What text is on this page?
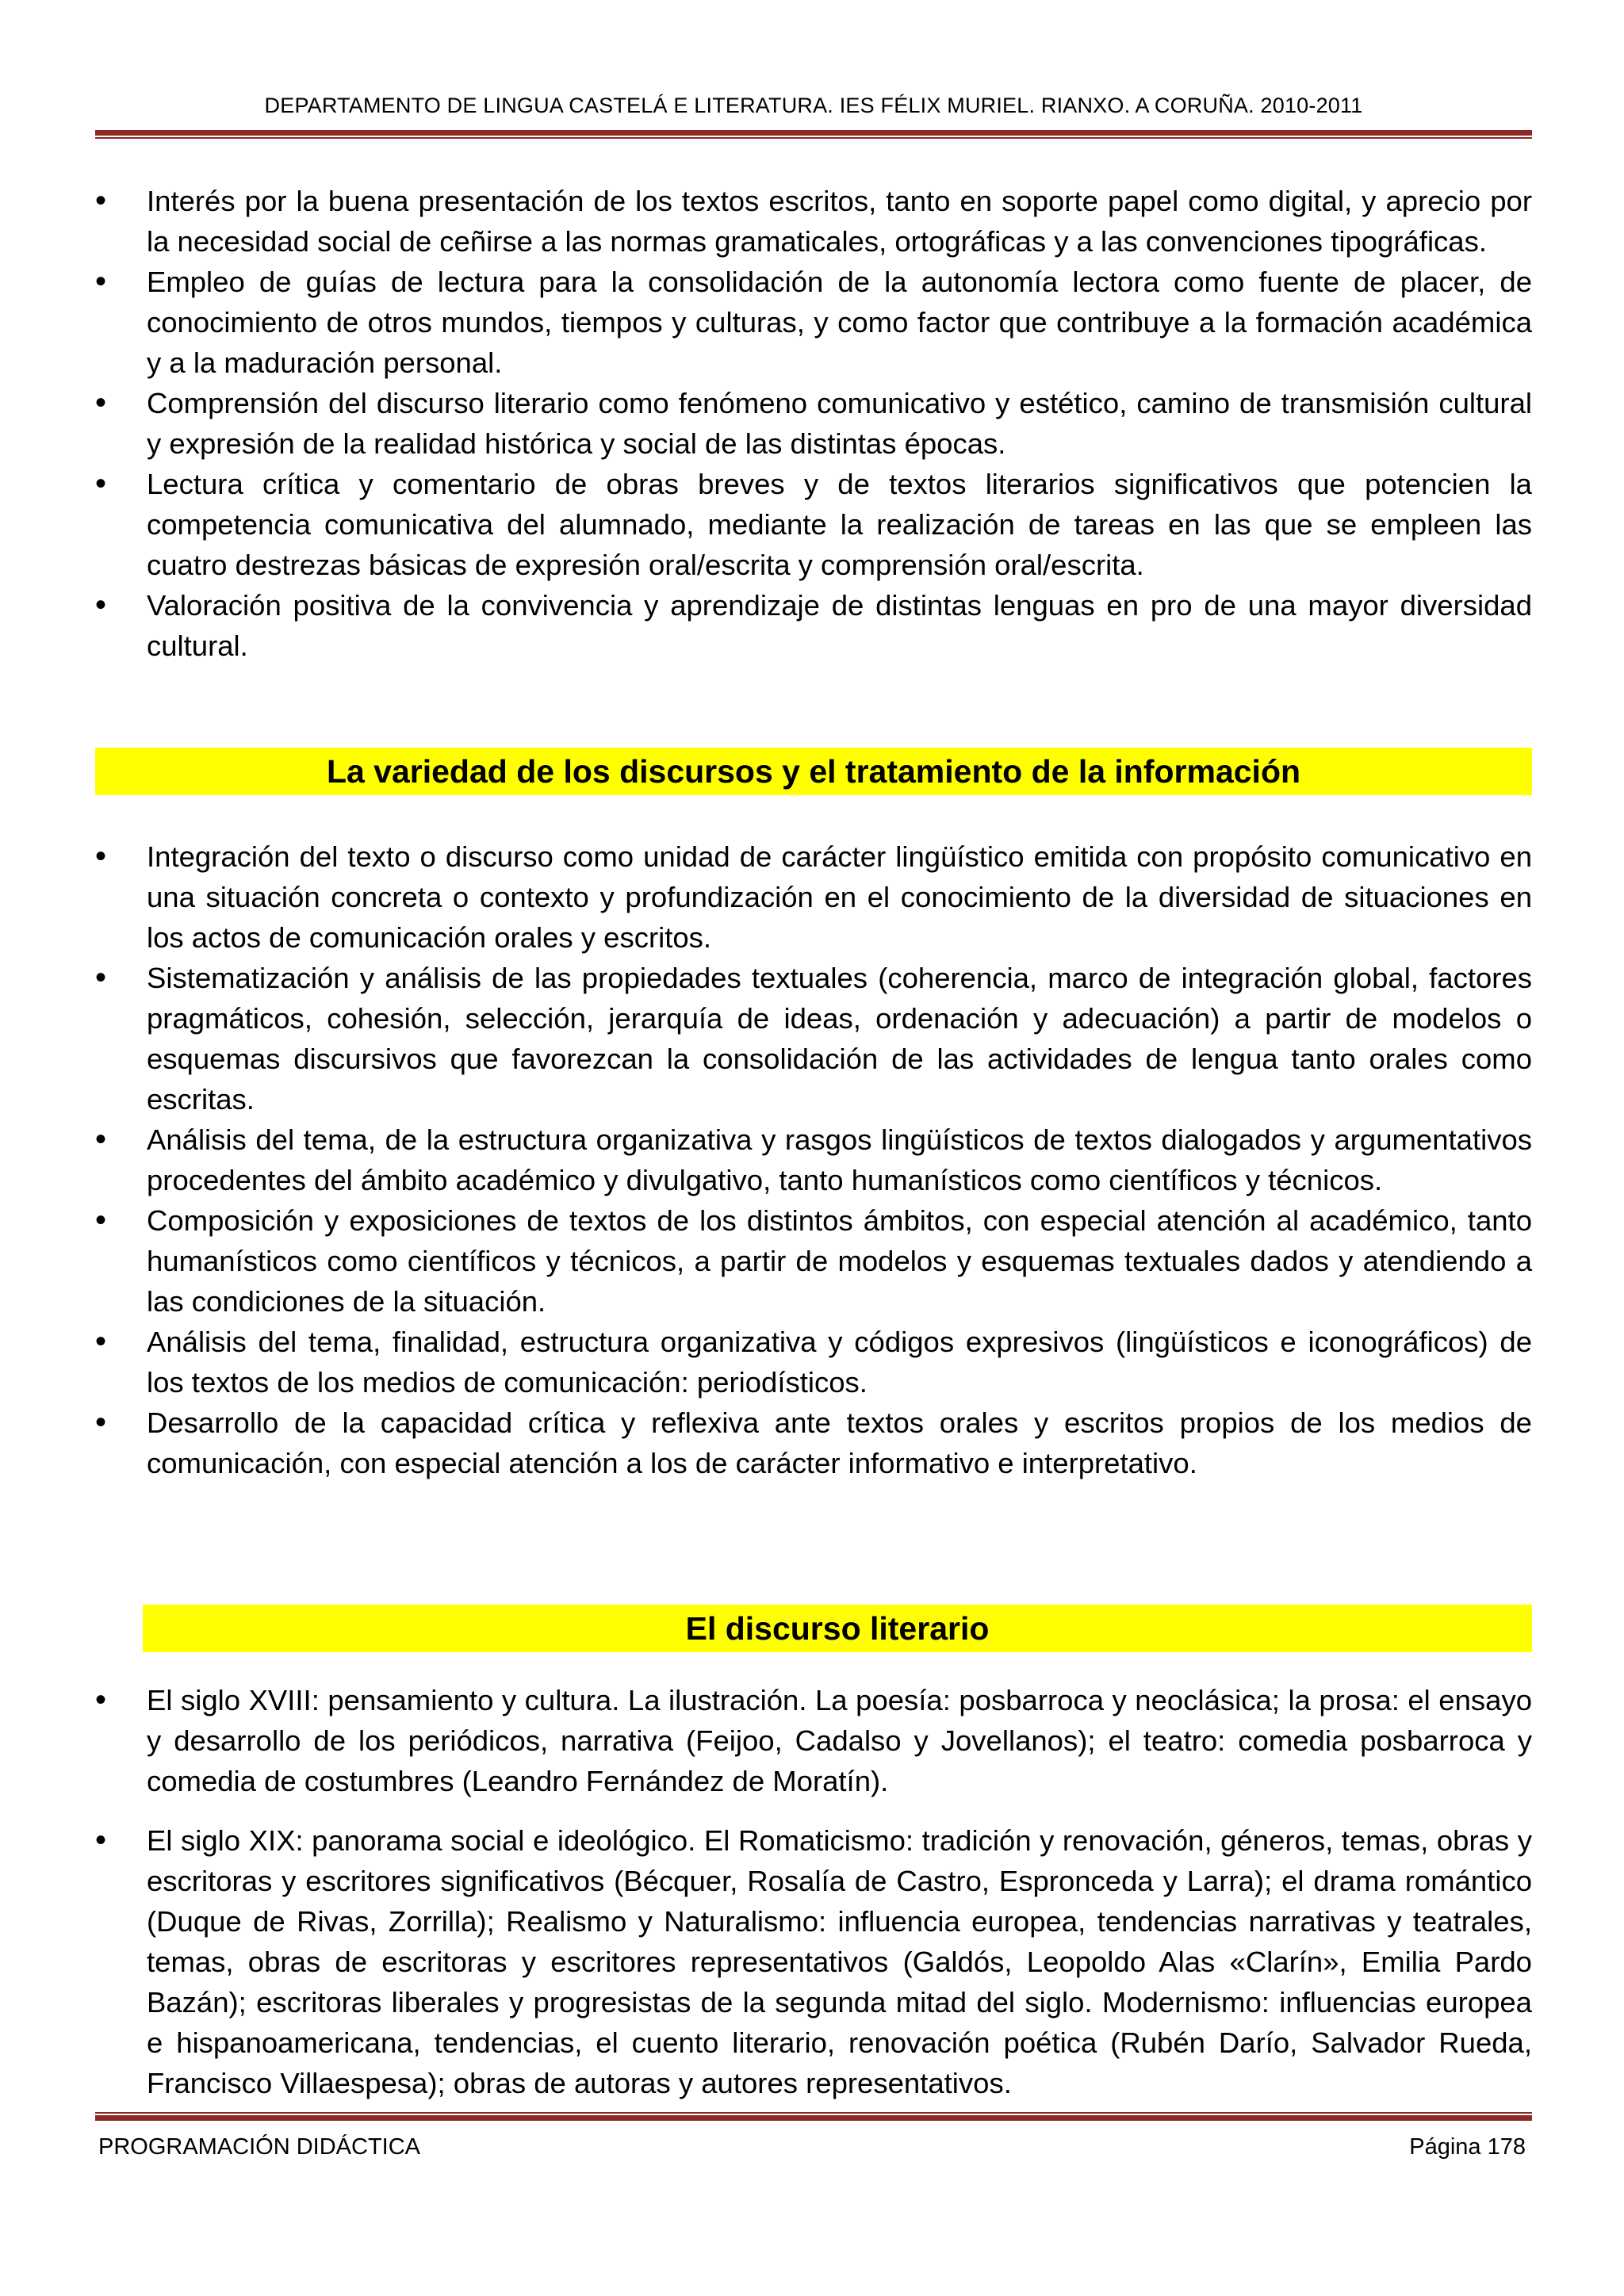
DEPARTAMENTO DE LINGUA CASTELÁ E LITERATURA. IES FÉLIX MURIEL. RIANXO. A CORUÑA. 2010-2011
• Interés por la buena presentación de los textos escritos, tanto en soporte papel como digital, y aprecio por la necesidad social de ceñirse a las normas gramaticales, ortográficas y a las convenciones tipográficas.
• Empleo de guías de lectura para la consolidación de la autonomía lectora como fuente de placer, de conocimiento de otros mundos, tiempos y culturas, y como factor que contribuye a la formación académica y a la maduración personal.
• Comprensión del discurso literario como fenómeno comunicativo y estético, camino de transmisión cultural y expresión de la realidad histórica y social de las distintas épocas.
• Lectura crítica y comentario de obras breves y de textos literarios significativos que potencien la competencia comunicativa del alumnado, mediante la realización de tareas en las que se empleen las cuatro destrezas básicas de expresión oral/escrita y comprensión oral/escrita.
• Valoración positiva de la convivencia y aprendizaje de distintas lenguas en pro de una mayor diversidad cultural.
La variedad de los discursos y el tratamiento de la información
• Integración del texto o discurso como unidad de carácter lingüístico emitida con propósito comunicativo en una situación concreta o contexto y profundización en el conocimiento de la diversidad de situaciones en los actos de comunicación orales y escritos.
• Sistematización y análisis de las propiedades textuales (coherencia, marco de integración global, factores pragmáticos, cohesión, selección, jerarquía de ideas, ordenación y adecuación) a partir de modelos o esquemas discursivos que favorezcan la consolidación de las actividades de lengua tanto orales como escritas.
• Análisis del tema, de la estructura organizativa y rasgos lingüísticos de textos dialogados y argumentativos procedentes del ámbito académico y divulgativo, tanto humanísticos como científicos y técnicos.
• Composición y exposiciones de textos de los distintos ámbitos, con especial atención al académico, tanto humanísticos como científicos y técnicos, a partir de modelos y esquemas textuales dados y atendiendo a las condiciones de la situación.
• Análisis del tema, finalidad, estructura organizativa y códigos expresivos (lingüísticos e iconográficos) de los textos de los medios de comunicación: periodísticos.
• Desarrollo de la capacidad crítica y reflexiva ante textos orales y escritos propios de los medios de comunicación, con especial atención a los de carácter informativo e interpretativo.
El discurso literario
• El siglo XVIII: pensamiento y cultura. La ilustración. La poesía: posbarroca y neoclásica; la prosa: el ensayo y desarrollo de los periódicos, narrativa (Feijoo, Cadalso y Jovellanos); el teatro: comedia posbarroca y comedia de costumbres (Leandro Fernández de Moratín).
• El siglo XIX: panorama social e ideológico. El Romaticismo: tradición y renovación, géneros, temas, obras y escritoras y escritores significativos (Bécquer, Rosalía de Castro, Espronceda y Larra); el drama romántico (Duque de Rivas, Zorrilla); Realismo y Naturalismo: influencia europea, tendencias narrativas y teatrales, temas, obras de escritoras y escritores representativos (Galdós, Leopoldo Alas «Clarín», Emilia Pardo Bazán); escritoras liberales y progresistas de la segunda mitad del siglo. Modernismo: influencias europea e hispanoamericana, tendencias, el cuento literario, renovación poética (Rubén Darío, Salvador Rueda, Francisco Villaespesa); obras de autoras y autores representativos.
PROGRAMACIÓN DIDÁCTICA	Página 178
